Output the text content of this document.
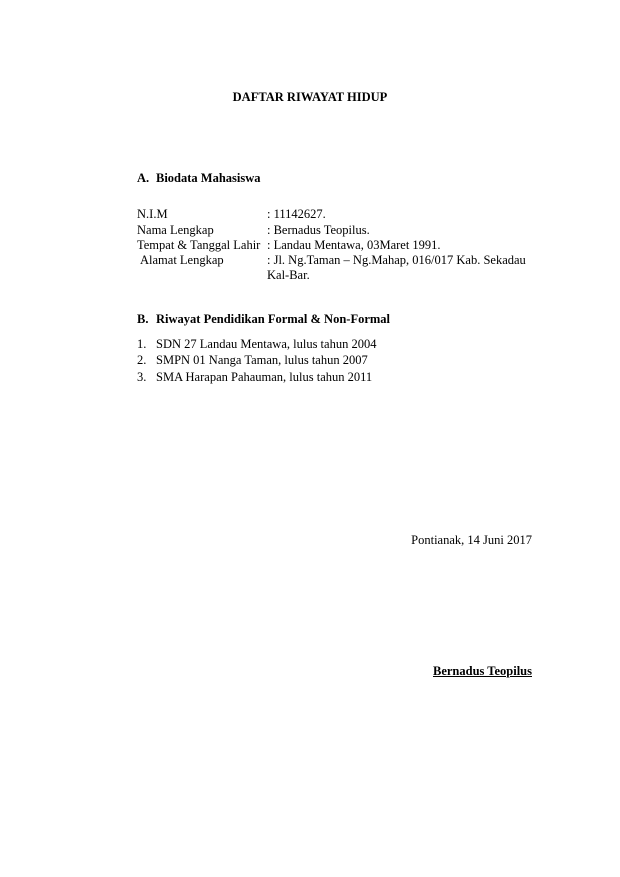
DAFTAR RIWAYAT HIDUP
A. Biodata Mahasiswa
N.I.M	: 11142627.
Nama Lengkap	: Bernadus Teopilus.
Tempat & Tanggal Lahir : Landau Mentawa, 03Maret 1991.
Alamat Lengkap	: Jl. Ng.Taman – Ng.Mahap, 016/017 Kab. Sekadau Kal-Bar.
B. Riwayat Pendidikan Formal & Non-Formal
1. SDN 27 Landau Mentawa, lulus tahun 2004
2. SMPN 01 Nanga Taman, lulus tahun 2007
3. SMA Harapan Pahauman, lulus tahun 2011
Pontianak, 14 Juni 2017
Bernadus Teopilus
